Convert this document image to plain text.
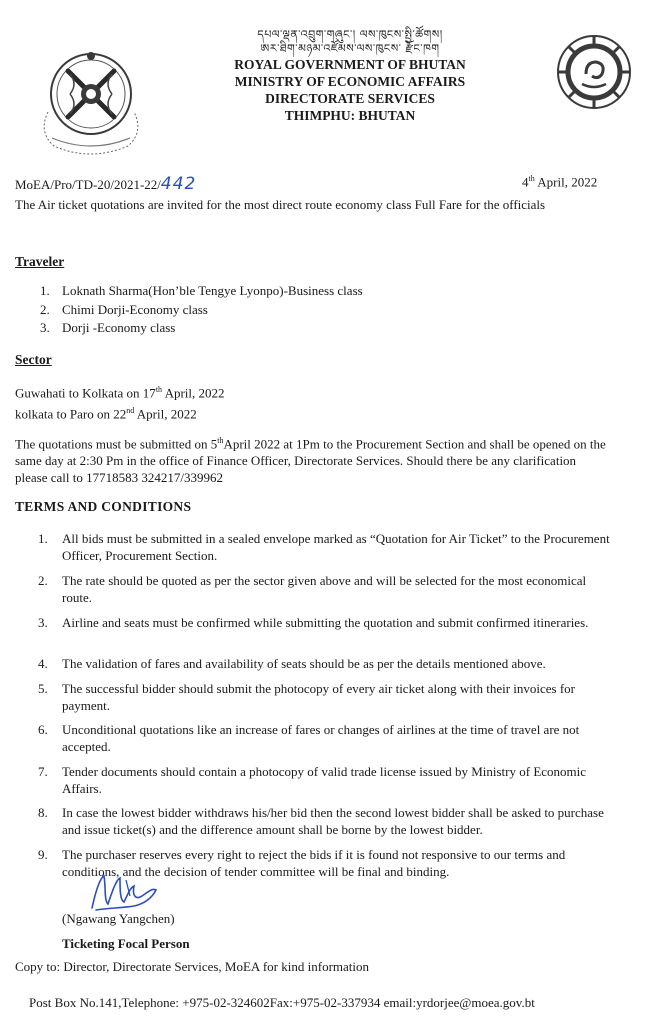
དཔལ་ལྡན་འབྲུག་གཞུང་། ལས་ཁུངས་སྤྱི་ཚོགས།
ཨར་ཐིག་མཉམ་འཛོམས་ལས་ཁུངས་ རྫོང་ཁག
ROYAL GOVERNMENT OF BHUTAN
MINISTRY OF ECONOMIC AFFAIRS
DIRECTORATE SERVICES
THIMPHU: BHUTAN
MoEA/Pro/TD-20/2021-22/442	4th April, 2022
The Air ticket quotations are invited for the most direct route economy class Full Fare for the officials
Traveler
1. Loknath Sharma(Hon’ble Tengye Lyonpo)-Business class
2. Chimi Dorji-Economy class
3. Dorji -Economy class
Sector
Guwahati to Kolkata on 17th April, 2022
kolkata to Paro on 22nd April, 2022
The quotations must be submitted on 5thApril 2022 at 1Pm to the Procurement Section and shall be opened on the same day at 2:30 Pm in the office of Finance Officer, Directorate Services. Should there be any clarification please call to 17718583 324217/339962
TERMS AND CONDITIONS
1.	All bids must be submitted in a sealed envelope marked as “Quotation for Air Ticket” to the Procurement Officer, Procurement Section.
2.	The rate should be quoted as per the sector given above and will be selected for the most economical route.
3.	Airline and seats must be confirmed while submitting the quotation and submit confirmed itineraries.
4.	The validation of fares and availability of seats should be as per the details mentioned above.
5.	The successful bidder should submit the photocopy of every air ticket along with their invoices for payment.
6.	Unconditional quotations like an increase of fares or changes of airlines at the time of travel are not accepted.
7.	Tender documents should contain a photocopy of valid trade license issued by Ministry of Economic Affairs.
8.	In case the lowest bidder withdraws his/her bid then the second lowest bidder shall be asked to purchase and issue ticket(s) and the difference amount shall be borne by the lowest bidder.
9.	The purchaser reserves every right to reject the bids if it is found not responsive to our terms and conditions, and the decision of tender committee will be final and binding.
(Ngawang Yangchen)
Ticketing Focal Person
Copy to: Director, Directorate Services, MoEA for kind information
Post Box No.141,Telephone: +975-02-324602Fax:+975-02-337934 email:yrdorjee@moea.gov.bt
